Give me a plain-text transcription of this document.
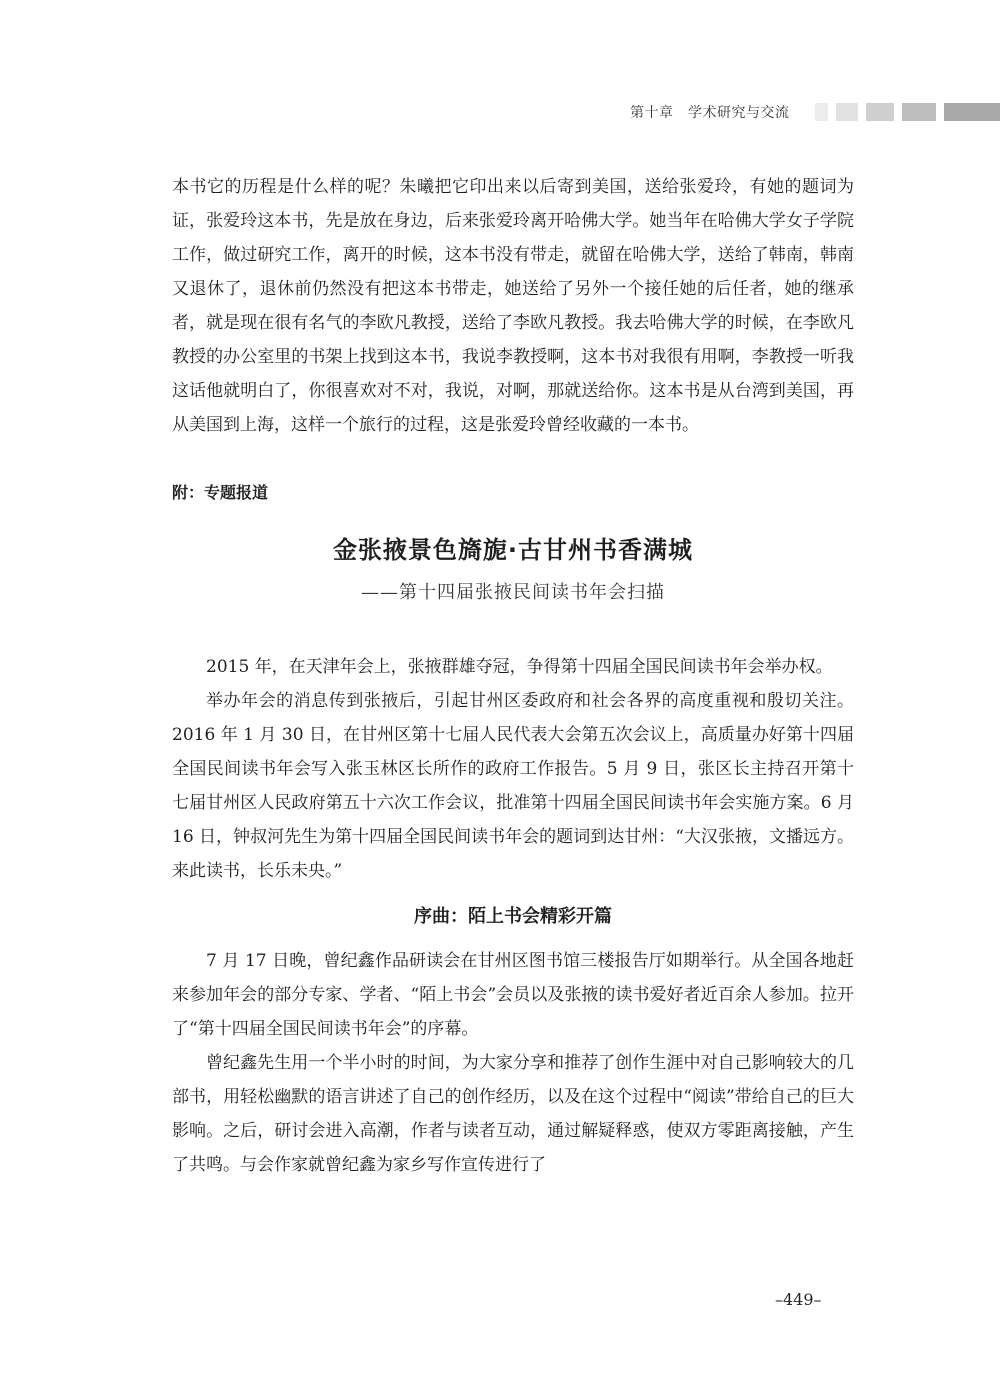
第十章　学术研究与交流

本书它的历程是什么样的呢？朱曦把它印出来以后寄到美国，送给张爱玲，有她的题词为证，张爱玲这本书，先是放在身边，后来张爱玲离开哈佛大学。她当年在哈佛大学女子学院工作，做过研究工作，离开的时候，这本书没有带走，就留在哈佛大学，送给了韩南，韩南又退休了，退休前仍然没有把这本书带走，她送给了另外一个接任她的后任者，她的继承者，就是现在很有名气的李欧凡教授，送给了李欧凡教授。我去哈佛大学的时候，在李欧凡教授的办公室里的书架上找到这本书，我说李教授啊，这本书对我很有用啊，李教授一听我这话他就明白了，你很喜欢对不对，我说，对啊，那就送给你。这本书是从台湾到美国，再从美国到上海，这样一个旅行的过程，这是张爱玲曾经收藏的一本书。

附：专题报道
金张掖景色旖旎·古甘州书香满城
——第十四届张掖民间读书年会扫描

2015 年，在天津年会上，张掖群雄夺冠，争得第十四届全国民间读书年会举办权。

举办年会的消息传到张掖后，引起甘州区委政府和社会各界的高度重视和殷切关注。2016 年 1 月 30 日，在甘州区第十七届人民代表大会第五次会议上，高质量办好第十四届全国民间读书年会写入张玉林区长所作的政府工作报告。5 月 9 日，张区长主持召开第十七届甘州区人民政府第五十六次工作会议，批准第十四届全国民间读书年会实施方案。6 月 16 日，钟叔河先生为第十四届全国民间读书年会的题词到达甘州：“大汉张掖，文播远方。来此读书，长乐未央。”

序曲：陌上书会精彩开篇

7 月 17 日晚，曾纪鑫作品研读会在甘州区图书馆三楼报告厅如期举行。从全国各地赶来参加年会的部分专家、学者、“陌上书会”会员以及张掖的读书爱好者近百余人参加。拉开了“第十四届全国民间读书年会”的序幕。

曾纪鑫先生用一个半小时的时间，为大家分享和推荐了创作生涯中对自己影响较大的几部书，用轻松幽默的语言讲述了自己的创作经历，以及在这个过程中“阅读”带给自己的巨大影响。之后，研讨会进入高潮，作者与读者互动，通过解疑释惑，使双方零距离接触，产生了共鸣。与会作家就曾纪鑫为家乡写作宣传进行了

–449–
